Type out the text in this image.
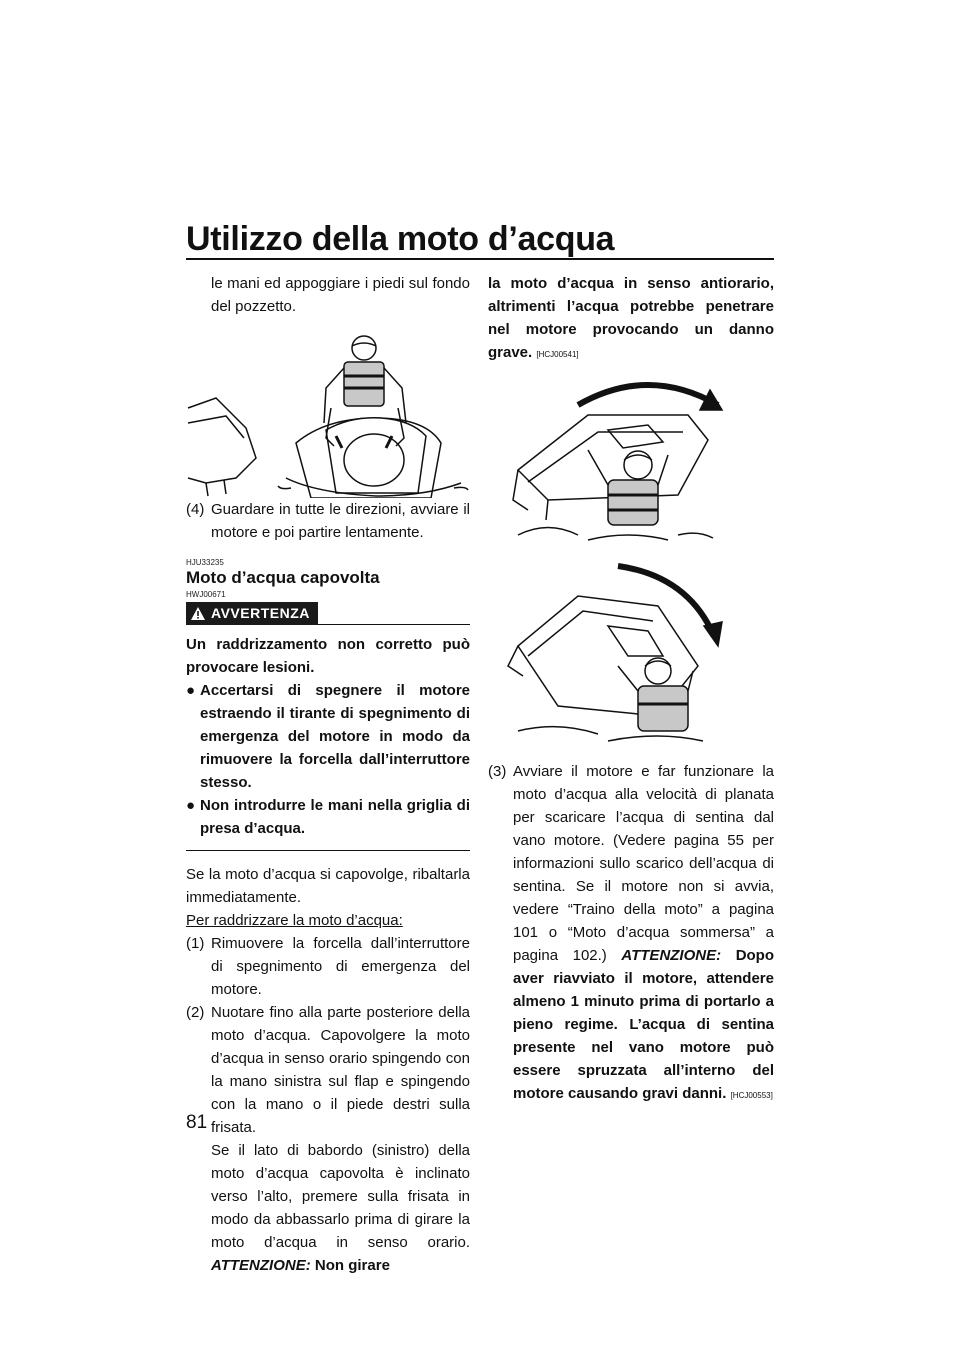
Utilizzo della moto d’acqua
le mani ed appoggiare i piedi sul fondo del pozzetto.
(4) Guardare in tutte le direzioni, avviare il motore e poi partire lentamente.
HJU33235
Moto d’acqua capovolta
HWJ00671
AVVERTENZA
Un raddrizzamento non corretto può provocare lesioni.
● Accertarsi di spegnere il motore estraendo il tirante di spegnimento di emergenza del motore in modo da rimuovere la forcella dall’interruttore stesso.
● Non introdurre le mani nella griglia di presa d’acqua.
Se la moto d’acqua si capovolge, ribaltarla immediatamente.
Per raddrizzare la moto d’acqua:
(1) Rimuovere la forcella dall’interruttore di spegnimento di emergenza del motore.
(2) Nuotare fino alla parte posteriore della moto d’acqua. Capovolgere la moto d’acqua in senso orario spingendo con la mano sinistra sul flap e spingendo con la mano o il piede destri sulla frisata.
Se il lato di babordo (sinistro) della moto d’acqua capovolta è inclinato verso l’alto, premere sulla frisata in modo da abbassarlo prima di girare la moto d’acqua in senso orario. ATTENZIONE: Non girare
la moto d’acqua in senso antiorario, altrimenti l’acqua potrebbe penetrare nel motore provocando un danno grave. [HCJ00541]
(3) Avviare il motore e far funzionare la moto d’acqua alla velocità di planata per scaricare l’acqua di sentina dal vano motore. (Vedere pagina 55 per informazioni sullo scarico dell’acqua di sentina. Se il motore non si avvia, vedere “Traino della moto” a pagina 101 o “Moto d’acqua sommersa” a pagina 102.) ATTENZIONE: Dopo aver riavviato il motore, attendere almeno 1 minuto prima di portarlo a pieno regime. L’acqua di sentina presente nel vano motore può essere spruzzata all’interno del motore causando gravi danni. [HCJ00553]
81
